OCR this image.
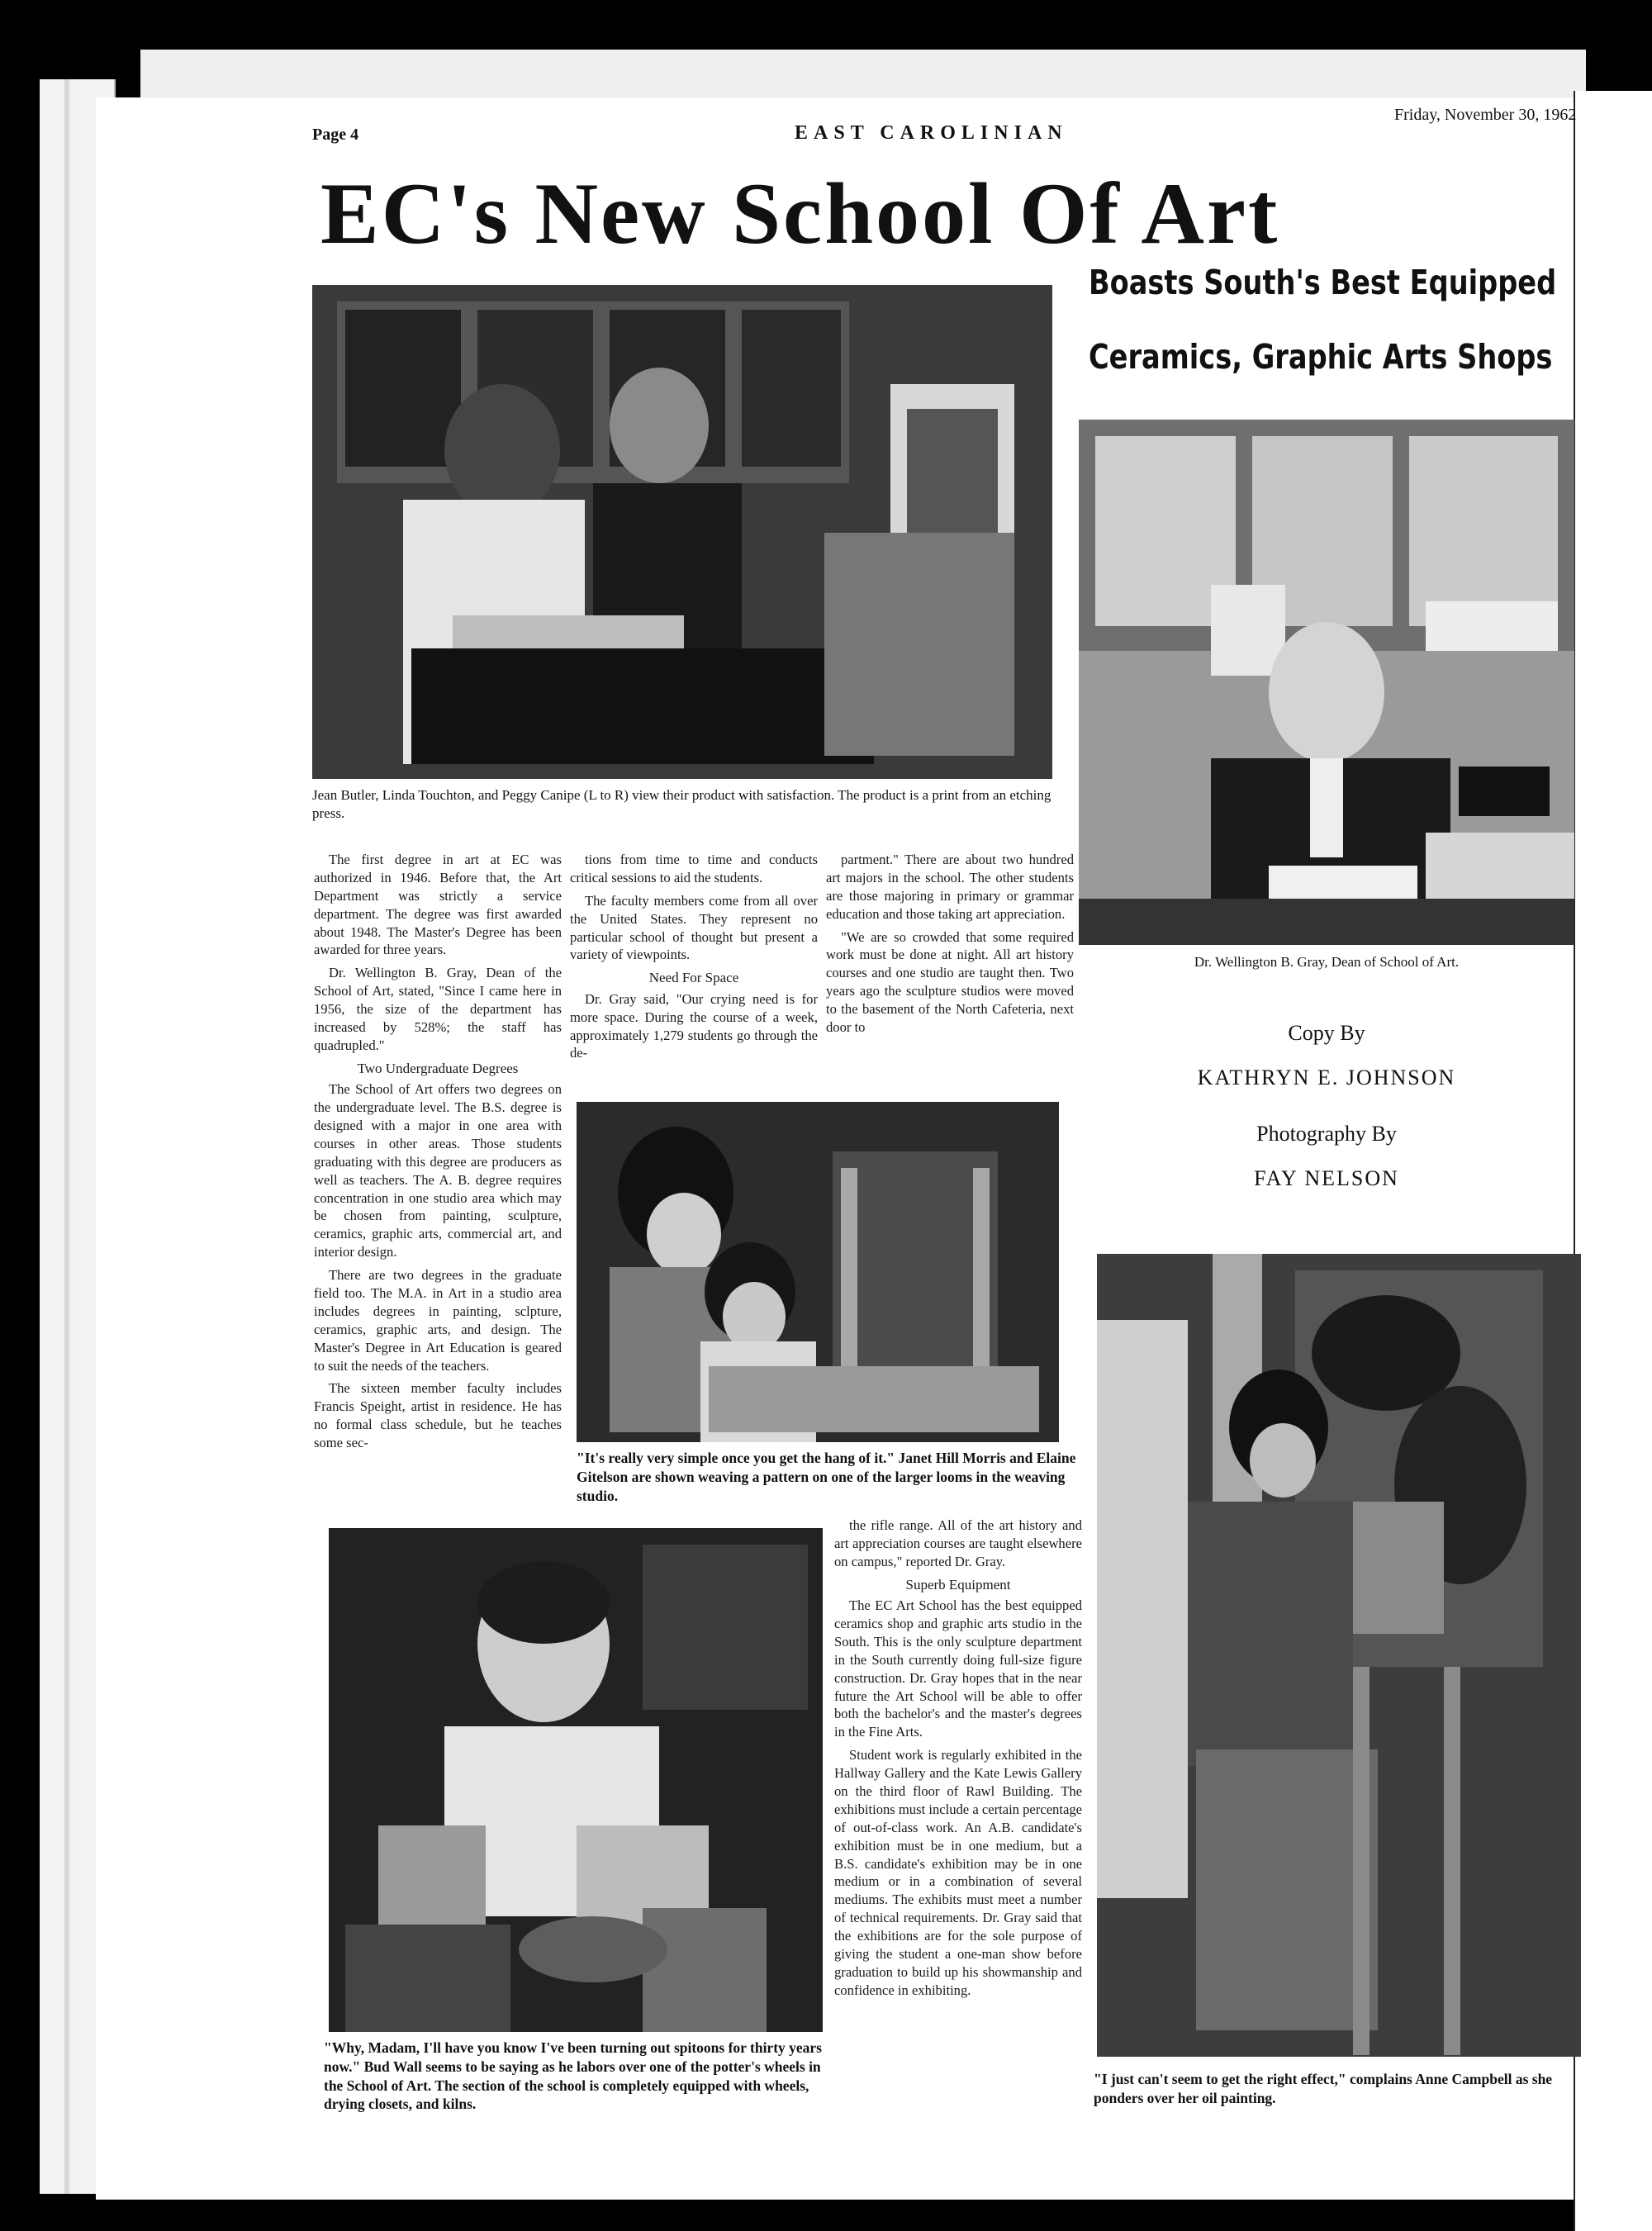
Page 4	EAST CAROLINIAN
Friday, November 30, 1962
EC's New School Of Art
Boasts South's Best Equipped
Ceramics, Graphic Arts Shops
Jean Butler, Linda Touchton, and Peggy Canipe (L to R) view their product with satisfaction. The product is a print from an etching press.
Dr. Wellington B. Gray, Dean of School of Art.
Copy By
KATHRYN E. JOHNSON
Photography By
FAY NELSON

The first degree in art at EC was authorized in 1946. Before that, the Art Department was strictly a service department. The degree was first awarded about 1948. The Master's Degree has been awarded for three years.

Dr. Wellington B. Gray, Dean of the School of Art, stated, "Since I came here in 1956, the size of the department has increased by 528%; the staff has quadrupled."

Two Undergraduate Degrees

The School of Art offers two degrees on the undergraduate level. The B.S. degree is designed with a major in one area with courses in other areas. Those students graduating with this degree are producers as well as teachers. The A. B. degree requires concentration in one studio area which may be chosen from painting, sculpture, ceramics, graphic arts, commercial art, and interior design.

There are two degrees in the graduate field too. The M.A. in Art in a studio area includes degrees in painting, sclpture, ceramics, graphic arts, and design. The Master's Degree in Art Education is geared to suit the needs of the teachers.

The sixteen member faculty includes Francis Speight, artist in residence. He has no formal class schedule, but he teaches some sec-

tions from time to time and conducts critical sessions to aid the students.

The faculty members come from all over the United States. They represent no particular school of thought but present a variety of viewpoints.

Need For Space

Dr. Gray said, "Our crying need is for more space. During the course of a week, approximately 1,279 students go through the de-

partment." There are about two hundred art majors in the school. The other students are those majoring in primary or grammar education and those taking art appreciation.

"We are so crowded that some required work must be done at night. All art history courses and one studio are taught then. Two years ago the sculpture studios were moved to the basement of the North Cafeteria, next door to

"It's really very simple once you get the hang of it." Janet Hill Morris and Elaine Gitelson are shown weaving a pattern on one of the larger looms in the weaving studio.
"Why, Madam, I'll have you know I've been turning out spitoons for thirty years now." Bud Wall seems to be saying as he labors over one of the potter's wheels in the School of Art. The section of the school is completely equipped with wheels, drying closets, and kilns.

the rifle range. All of the art history and art appreciation courses are taught elsewhere on campus," reported Dr. Gray.

Superb Equipment

The EC Art School has the best equipped ceramics shop and graphic arts studio in the South. This is the only sculpture department in the South currently doing full-size figure construction. Dr. Gray hopes that in the near future the Art School will be able to offer both the bachelor's and the master's degrees in the Fine Arts.

Student work is regularly exhibited in the Hallway Gallery and the Kate Lewis Gallery on the third floor of Rawl Building. The exhibitions must include a certain percentage of out-of-class work. An A.B. candidate's exhibition must be in one medium, but a B.S. candidate's exhibition may be in one medium or in a combination of several mediums. The exhibits must meet a number of technical requirements. Dr. Gray said that the exhibitions are for the sole purpose of giving the student a one-man show before graduation to build up his showmanship and confidence in exhibiting.

"I just can't seem to get the right effect," complains Anne Campbell as she ponders over her oil painting.
